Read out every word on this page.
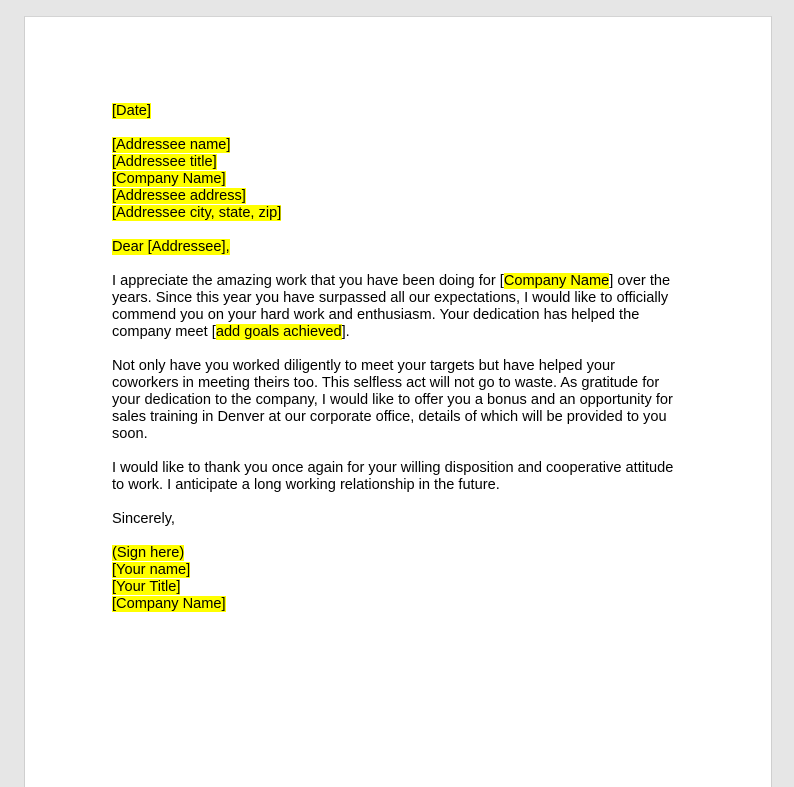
[Date]
[Addressee name]
[Addressee title]
[Company Name]
[Addressee address]
[Addressee city, state, zip]
Dear [Addressee],
I appreciate the amazing work that you have been doing for [Company Name] over the
years. Since this year you have surpassed all our expectations, I would like to officially
commend you on your hard work and enthusiasm. Your dedication has helped the
company meet [add goals achieved].
Not only have you worked diligently to meet your targets but have helped your
coworkers in meeting theirs too. This selfless act will not go to waste. As gratitude for
your dedication to the company, I would like to offer you a bonus and an opportunity for
sales training in Denver at our corporate office, details of which will be provided to you
soon.
I would like to thank you once again for your willing disposition and cooperative attitude
to work. I anticipate a long working relationship in the future.
Sincerely,
(Sign here)
[Your name]
[Your Title]
[Company Name]
